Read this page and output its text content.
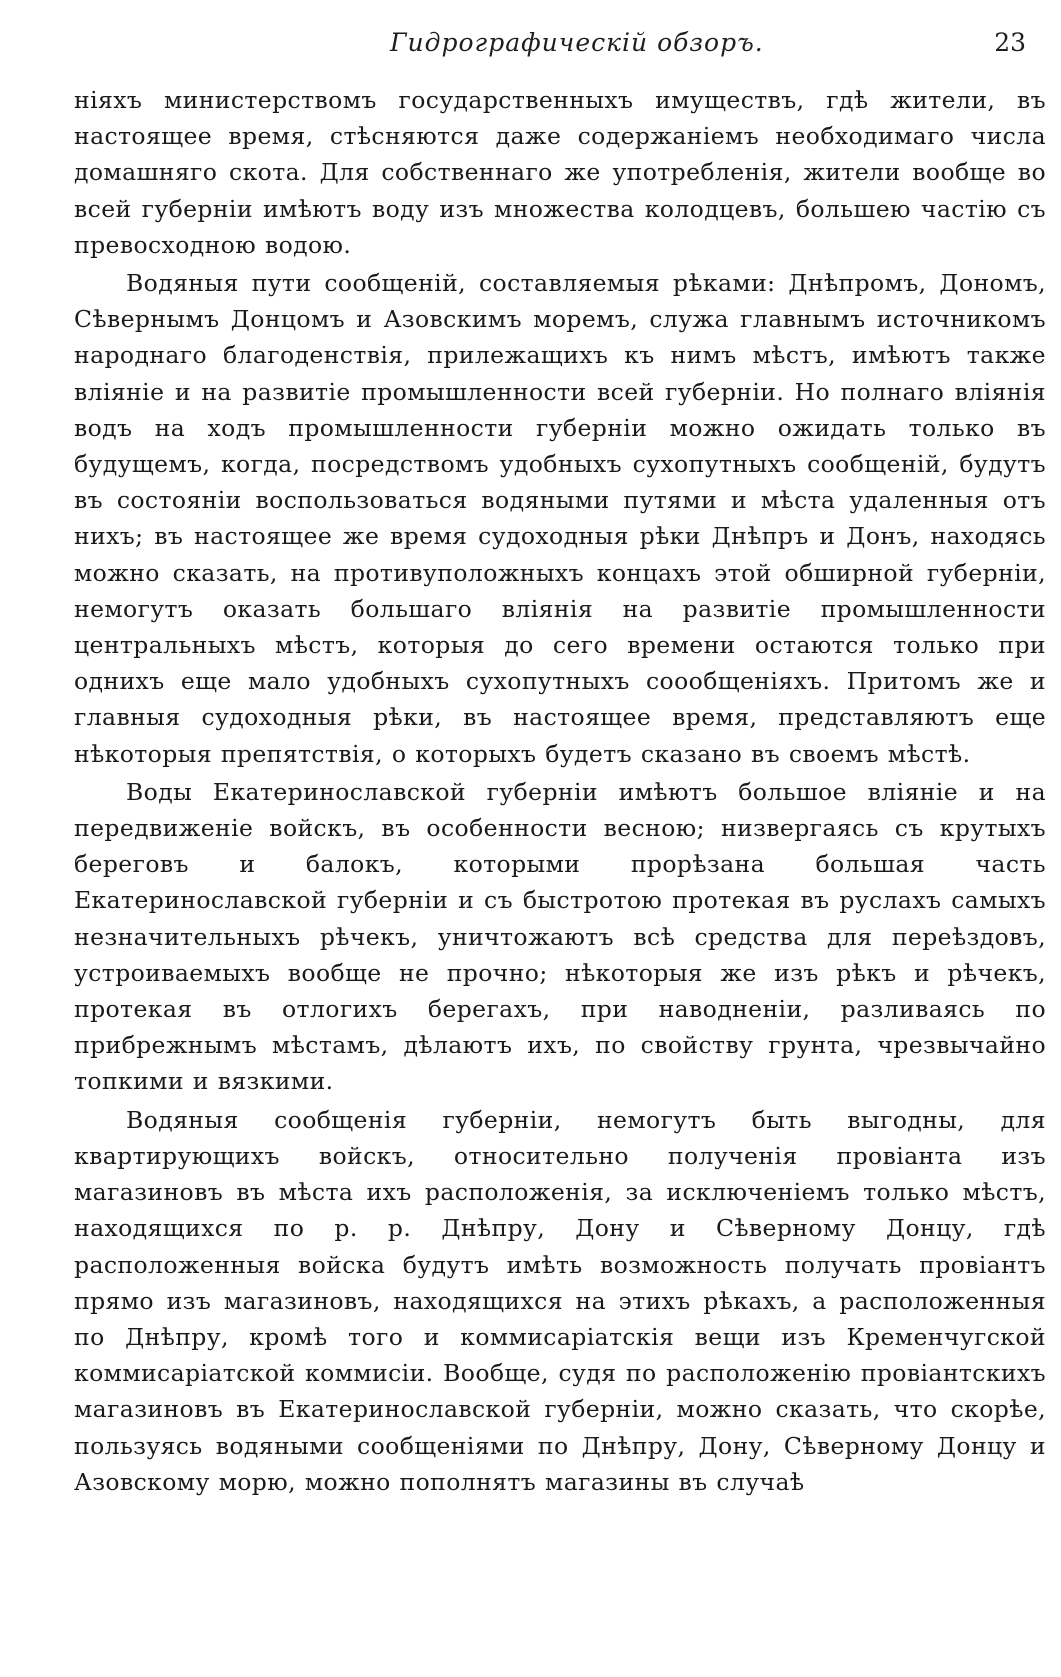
Гидрографическій обзоръ.	23

ніяхъ министерствомъ государственныхъ имуществъ, гдѣ жители, въ настоящее время, стѣсняются даже содержаніемъ необходимаго числа домашняго скота. Для собственнаго же употребленія, жители вообще во всей губерніи имѣютъ воду изъ множества колодцевъ, большею частію съ превосходною водою.

Водяныя пути сообщеній, составляемыя рѣками: Днѣпромъ, Дономъ, Сѣвернымъ Донцомъ и Азовскимъ моремъ, служа главнымъ источникомъ народнаго благоденствія, прилежащихъ къ нимъ мѣстъ, имѣютъ также вліяніе и на развитіе промышленности всей губерніи. Но полнаго вліянія водъ на ходъ промышленности губерніи можно ожидать только въ будущемъ, когда, посредствомъ удобныхъ сухопутныхъ сообщеній, будутъ въ состояніи воспользоваться водяными путями и мѣста удаленныя отъ нихъ; въ настоящее же время судоходныя рѣки Днѣпръ и Донъ, находясь можно сказать, на противуположныхъ концахъ этой обширной губерніи, немогутъ оказать большаго вліянія на развитіе промышленности центральныхъ мѣстъ, которыя до сего времени остаются только при однихъ еще мало удобныхъ сухопутныхъ соообщеніяхъ. Притомъ же и главныя судоходныя рѣки, въ настоящее время, представляютъ еще нѣкоторыя препятствія, о которыхъ будетъ сказано въ своемъ мѣстѣ.

Воды Екатеринославской губерніи имѣютъ большое вліяніе и на передвиженіе войскъ, въ особенности весною; низвергаясь съ крутыхъ береговъ и балокъ, которыми прорѣзана большая часть Екатеринославской губерніи и съ быстротою протекая въ руслахъ самыхъ незначительныхъ рѣчекъ, уничтожаютъ всѣ средства для переѣздовъ, устроиваемыхъ вообще не прочно; нѣкоторыя же изъ рѣкъ и рѣчекъ, протекая въ отлогихъ берегахъ, при наводненіи, разливаясь по прибрежнымъ мѣстамъ, дѣлаютъ ихъ, по свойству грунта, чрезвычайно топкими и вязкими.

Водяныя сообщенія губерніи, немогутъ быть выгодны, для квартирующихъ войскъ, относительно полученія провіанта изъ магазиновъ въ мѣста ихъ расположенія, за исключеніемъ только мѣстъ, находящихся по р. р. Днѣпру, Дону и Сѣверному Донцу, гдѣ расположенныя войска будутъ имѣть возможность получать провіантъ прямо изъ магазиновъ, находящихся на этихъ рѣкахъ, а расположенныя по Днѣпру, кромѣ того и коммисаріатскія вещи изъ Кременчугской коммисаріатской коммисіи. Вообще, судя по расположенію провіантскихъ магазиновъ въ Екатеринославской губерніи, можно сказать, что скорѣе, пользуясь водяными сообщеніями по Днѣпру, Дону, Сѣверному Донцу и Азовскому морю, можно пополнятъ магазины въ случаѣ
